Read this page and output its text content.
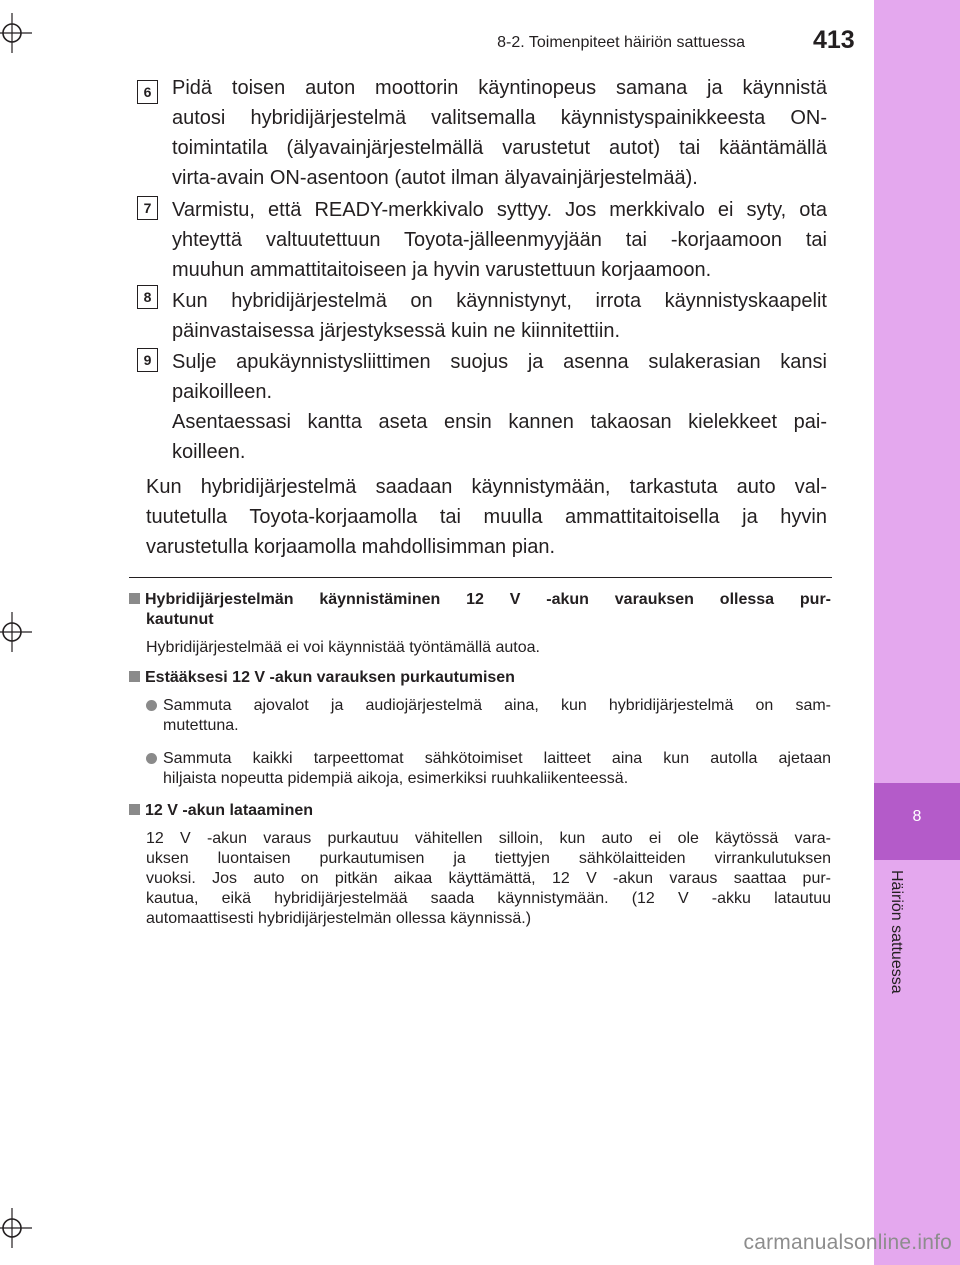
8
Häiriön sattuessa
8-2. Toimenpiteet häiriön sattuessa	413
6	Pidä toisen auton moottorin käyntinopeus samana ja käynnistä

autosi hybridijärjestelmä valitsemalla käynnistyspainikkeesta ON-

toimintatila (älyavainjärjestelmällä varustetut autot) tai kääntämällä

virta-avain ON-asentoon (autot ilman älyavainjärjestelmää).

7	Varmistu, että READY-merkkivalo syttyy. Jos merkkivalo ei syty, ota

yhteyttä valtuutettuun Toyota-jälleenmyyjään tai -korjaamoon tai

muuhun ammattitaitoiseen ja hyvin varustettuun korjaamoon.

8	Kun hybridijärjestelmä on käynnistynyt, irrota käynnistyskaapelit

päinvastaisessa järjestyksessä kuin ne kiinnitettiin.

9	Sulje apukäynnistysliittimen suojus ja asenna sulakerasian kansi

paikoilleen.

Asentaessasi kantta aseta ensin kannen takaosan kielekkeet pai-

koilleen.

Kun hybridijärjestelmä saadaan käynnistymään, tarkastuta auto val-
tuutetulla Toyota-korjaamolla tai muulla ammattitaitoisella ja hyvin
varustetulla korjaamolla mahdollisimman pian.
Hybridijärjestelmän käynnistäminen 12 V -akun varauksen ollessa pur-
kautunut
Hybridijärjestelmää ei voi käynnistää työntämällä autoa.
Estääksesi 12 V -akun varauksen purkautumisen
Sammuta ajovalot ja audiojärjestelmä aina, kun hybridijärjestelmä on sam-
mutettuna.
Sammuta kaikki tarpeettomat sähkötoimiset laitteet aina kun autolla ajetaan
hiljaista nopeutta pidempiä aikoja, esimerkiksi ruuhkaliikenteessä.
12 V -akun lataaminen
12 V -akun varaus purkautuu vähitellen silloin, kun auto ei ole käytössä vara-
uksen luontaisen purkautumisen ja tiettyjen sähkölaitteiden virrankulutuksen
vuoksi. Jos auto on pitkän aikaa käyttämättä, 12 V -akun varaus saattaa pur-
kautua, eikä hybridijärjestelmää saada käynnistymään. (12 V -akku latautuu
automaattisesti hybridijärjestelmän ollessa käynnissä.)
carmanualsonline.info
